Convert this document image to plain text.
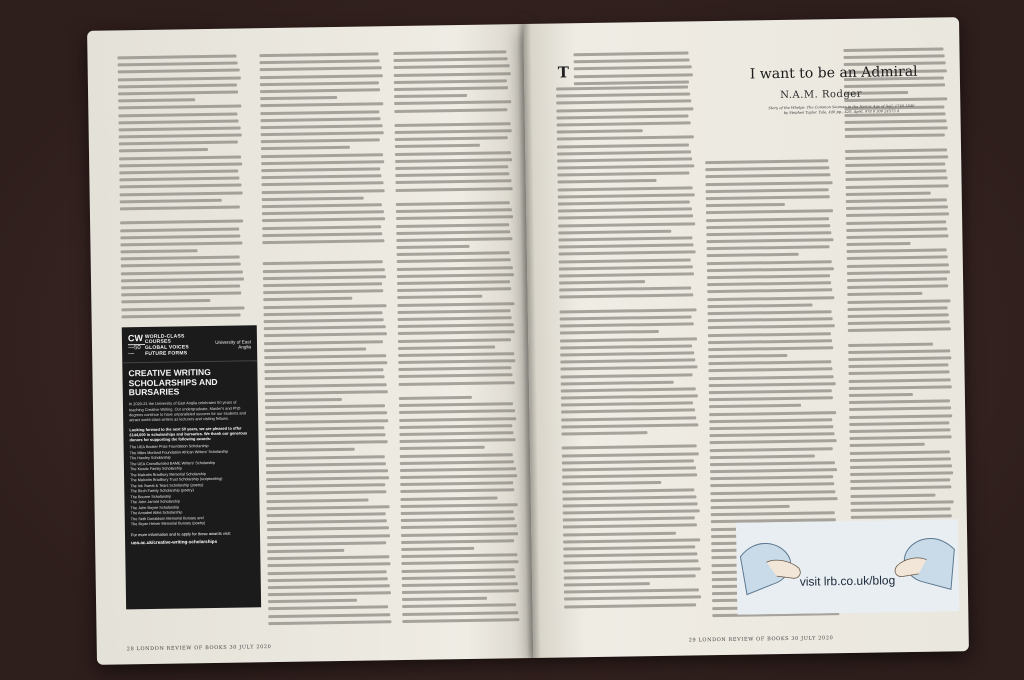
CW
—50—
WORLD-CLASS COURSES
GLOBAL VOICES
FUTURE FORMS
University of East Anglia
CREATIVE WRITING SCHOLARSHIPS AND BURSARIES
In 2020-21 the University of East Anglia celebrates 50 years of teaching Creative Writing. Our undergraduate, Master's and PhD degrees continue to have unparalleled success for our students and attract world-class writers as lecturers and visiting fellows.
Looking forward to the next 50 years, we are pleased to offer £144,000 in scholarships and bursaries. We thank our generous donors for supporting the following awards:
The UEA Booker Prize Foundation Scholarship
The Miles Morland Foundation African Writers' Scholarship
The Hawley Scholarship
The UEA Crowdfunded BAME Writers' Scholarship
The Kowitz Family Scholarship
The Malcolm Bradbury Memorial Scholarship
The Malcolm Bradbury Trust Scholarship (scriptwriting)
The Ink Sweat & Tears Scholarship (poetry)
The Birch Family Scholarship (poetry)
The Bourne Scholarship
The John Jarrold Scholarship
The John Boyne Scholarship
The Annabel Abbs Scholarship
The Seth Donaldson Memorial Bursary and
The Bryan Heiser Memorial Bursary (poetry)
For more information and to apply for these awards visit:
uea.ac.uk/creative-writing-scholarships
28 LONDON REVIEW OF BOOKS 30 JULY 2020
T	I want to be an Admiral
N.A.M. Rodger
Story of the Whelps: The Common Seaman in the Heroic Age of Sail, 1740-1840 by Stephen Taylor. Yale, 440 pp., £20, April, 978 0 300 24573 4
visit lrb.co.uk/blog
29 LONDON REVIEW OF BOOKS 30 JULY 2020
